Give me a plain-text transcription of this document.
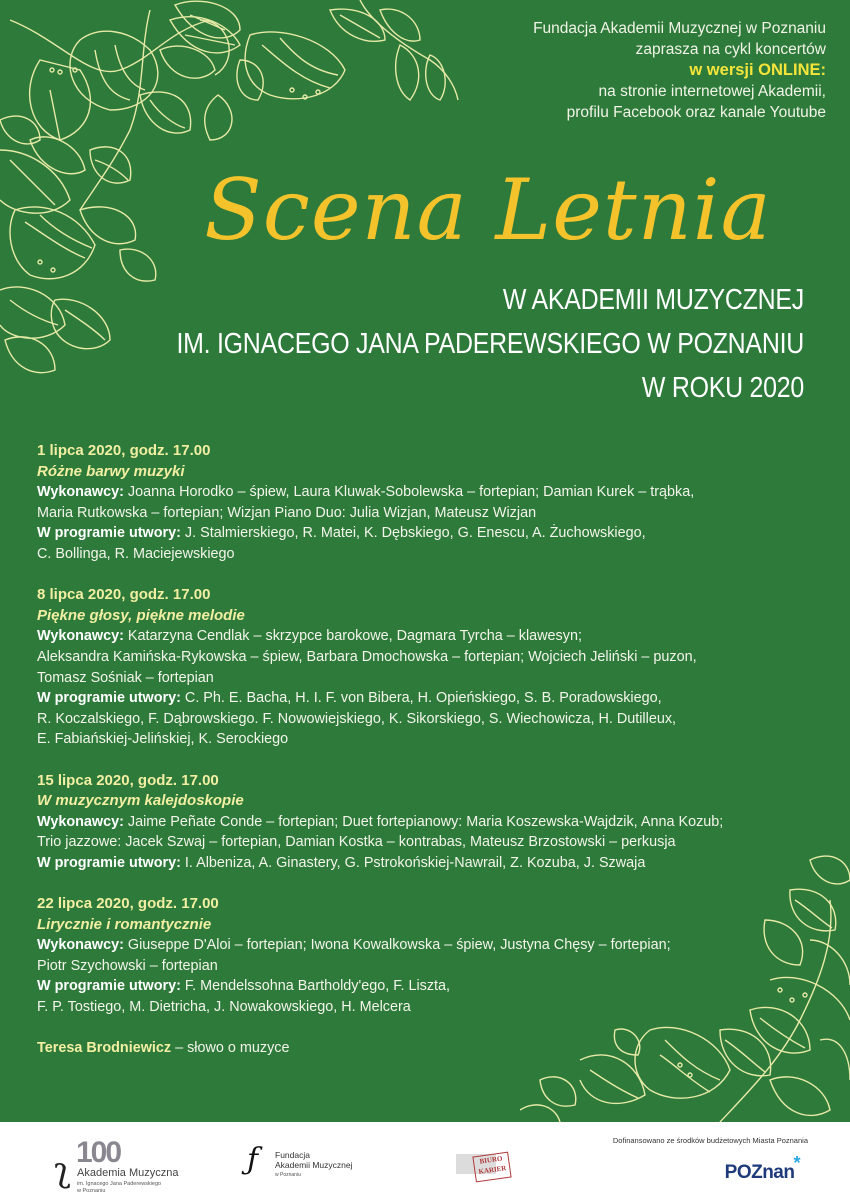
Fundacja Akademii Muzycznej w Poznaniu
zaprasza na cykl koncertów
w wersji ONLINE:
na stronie internetowej Akademii,
profilu Facebook oraz kanale Youtube
Scena Letnia
W AKADEMII MUZYCZNEJ
IM. IGNACEGO JANA PADEREWSKIEGO W POZNANIU
W ROKU 2020

1 lipca 2020, godz. 17.00

Różne barwy muzyki

Wykonawcy: Joanna Horodko – śpiew, Laura Kluwak-Sobolewska – fortepian; Damian Kurek – trąbka,

Maria Rutkowska – fortepian; Wizjan Piano Duo: Julia Wizjan, Mateusz Wizjan

W programie utwory: J. Stalmierskiego, R. Matei, K. Dębskiego, G. Enescu, A. Żuchowskiego,

C. Bollinga, R. Maciejewskiego

8 lipca 2020, godz. 17.00

Piękne głosy, piękne melodie

Wykonawcy: Katarzyna Cendlak – skrzypce barokowe, Dagmara Tyrcha – klawesyn;

Aleksandra Kamińska-Rykowska – śpiew, Barbara Dmochowska – fortepian; Wojciech Jeliński – puzon,

Tomasz Sośniak – fortepian

W programie utwory: C. Ph. E. Bacha, H. I. F. von Bibera, H. Opieńskiego, S. B. Poradowskiego,

R. Koczalskiego, F. Dąbrowskiego. F. Nowowiejskiego, K. Sikorskiego, S. Wiechowicza, H. Dutilleux,

E. Fabiańskiej-Jelińskiej, K. Serockiego

15 lipca 2020, godz. 17.00

W muzycznym kalejdoskopie

Wykonawcy: Jaime Peñate Conde – fortepian; Duet fortepianowy: Maria Koszewska-Wajdzik, Anna Kozub;

Trio jazzowe: Jacek Szwaj – fortepian, Damian Kostka – kontrabas, Mateusz Brzostowski – perkusja

W programie utwory: I. Albeniza, A. Ginastery, G. Pstrokońskiej-Nawrail, Z. Kozuba, J. Szwaja

22 lipca 2020, godz. 17.00

Lirycznie i romantycznie

Wykonawcy: Giuseppe D'Aloi – fortepian; Iwona Kowalkowska – śpiew, Justyna Chęsy – fortepian;

Piotr Szychowski – fortepian

W programie utwory: F. Mendelssohna Bartholdy'ego, F. Liszta,

F. P. Tostiego, M. Dietricha, J. Nowakowskiego, H. Melcera

Teresa Brodniewicz – słowo o muzyce

ʅ 100
Akademia Muzyczna
im. Ignacego Jana Paderewskiego
w Poznaniu
ƒ Fundacja
Akademii Muzycznej
w Poznaniu
BIURO
KARIER
Dofinansowano ze środków budżetowych Miasta Poznania
POZnan*
